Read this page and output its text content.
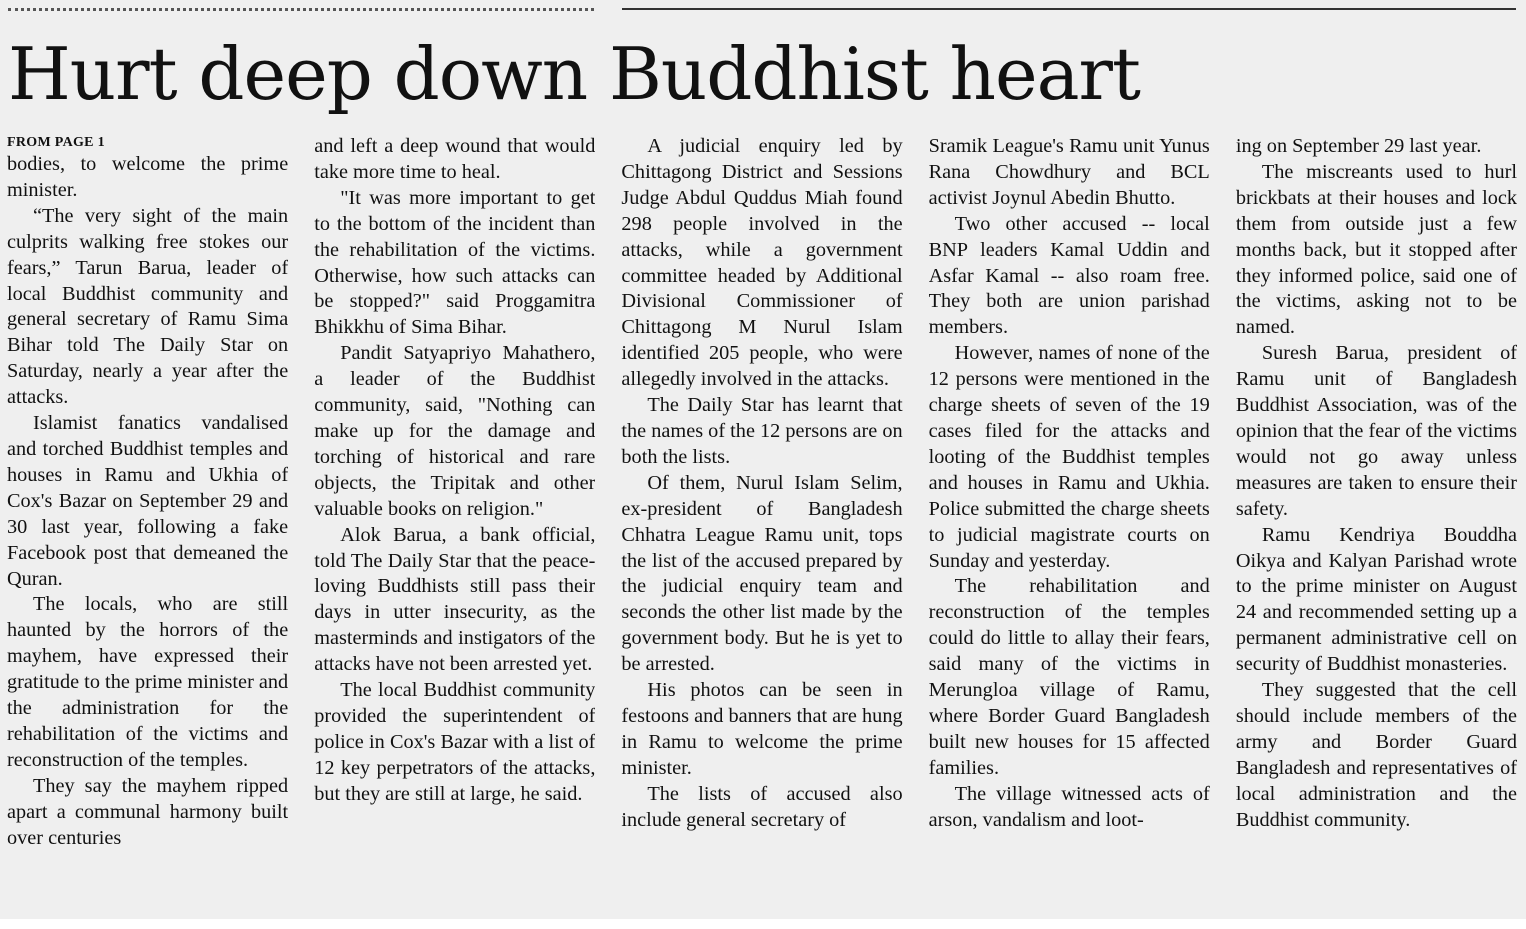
Hurt deep down Buddhist heart
FROM PAGE 1

bodies, to welcome the prime minister.

“The very sight of the main culprits walking free stokes our fears,” Tarun Barua, leader of local Buddhist community and general secretary of Ramu Sima Bihar told The Daily Star on Saturday, nearly a year after the attacks.

Islamist fanatics vandalised and torched Buddhist temples and houses in Ramu and Ukhia of Cox's Bazar on September 29 and 30 last year, following a fake Facebook post that demeaned the Quran.

The locals, who are still haunted by the horrors of the mayhem, have expressed their gratitude to the prime minister and the administration for the rehabilitation of the victims and reconstruction of the temples.

They say the mayhem ripped apart a communal harmony built over centuries

and left a deep wound that would take more time to heal.

"It was more important to get to the bottom of the incident than the rehabilitation of the victims. Otherwise, how such attacks can be stopped?" said Proggamitra Bhikkhu of Sima Bihar.

Pandit Satyapriyo Mahathero, a leader of the Buddhist community, said, "Nothing can make up for the damage and torching of historical and rare objects, the Tripitak and other valuable books on religion."

Alok Barua, a bank official, told The Daily Star that the peace-loving Buddhists still pass their days in utter insecurity, as the masterminds and instigators of the attacks have not been arrested yet.

The local Buddhist community provided the superintendent of police in Cox's Bazar with a list of 12 key perpetrators of the attacks, but they are still at large, he said.

A judicial enquiry led by Chittagong District and Sessions Judge Abdul Quddus Miah found 298 people involved in the attacks, while a government committee headed by Additional Divisional Commissioner of Chittagong M Nurul Islam identified 205 people, who were allegedly involved in the attacks.

The Daily Star has learnt that the names of the 12 persons are on both the lists.

Of them, Nurul Islam Selim, ex-president of Bangladesh Chhatra League Ramu unit, tops the list of the accused prepared by the judicial enquiry team and seconds the other list made by the government body. But he is yet to be arrested.

His photos can be seen in festoons and banners that are hung in Ramu to welcome the prime minister.

The lists of accused also include general secretary of

Sramik League's Ramu unit Yunus Rana Chowdhury and BCL activist Joynul Abedin Bhutto.

Two other accused -- local BNP leaders Kamal Uddin and Asfar Kamal -- also roam free. They both are union parishad members.

However, names of none of the 12 persons were mentioned in the charge sheets of seven of the 19 cases filed for the attacks and looting of the Buddhist temples and houses in Ramu and Ukhia. Police submitted the charge sheets to judicial magistrate courts on Sunday and yesterday.

The rehabilitation and reconstruction of the temples could do little to allay their fears, said many of the victims in Merungloa village of Ramu, where Border Guard Bangladesh built new houses for 15 affected families.

The village witnessed acts of arson, vandalism and loot-

ing on September 29 last year.

The miscreants used to hurl brickbats at their houses and lock them from outside just a few months back, but it stopped after they informed police, said one of the victims, asking not to be named.

Suresh Barua, president of Ramu unit of Bangladesh Buddhist Association, was of the opinion that the fear of the victims would not go away unless measures are taken to ensure their safety.

Ramu Kendriya Bouddha Oikya and Kalyan Parishad wrote to the prime minister on August 24 and recommended setting up a permanent administrative cell on security of Buddhist monasteries.

They suggested that the cell should include members of the army and Border Guard Bangladesh and representatives of local administration and the Buddhist community.
